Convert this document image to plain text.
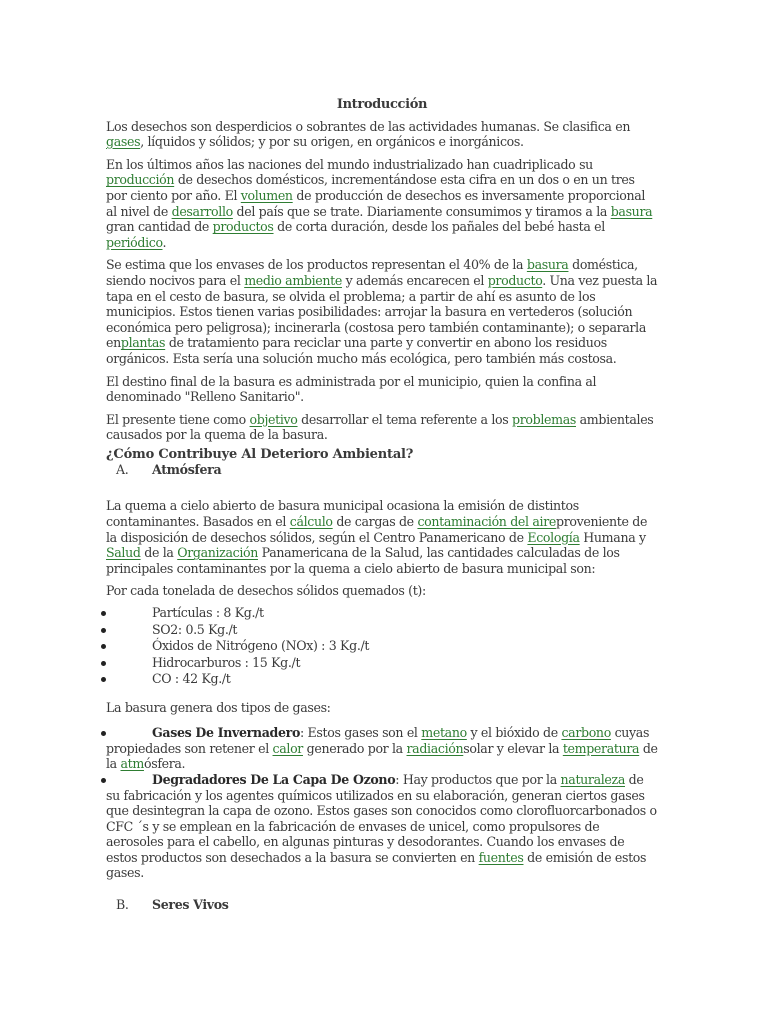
Introducción

Los desechos son desperdicios o sobrantes de las actividades humanas. Se clasifica en gases, líquidos y sólidos; y por su origen, en orgánicos e inorgánicos.

En los últimos años las naciones del mundo industrializado han cuadriplicado su producción de desechos domésticos, incrementándose esta cifra en un dos o en un tres por ciento por año. El volumen de producción de desechos es inversamente proporcional al nivel de desarrollo del país que se trate. Diariamente consumimos y tiramos a la basura gran cantidad de productos de corta duración, desde los pañales del bebé hasta el periódico.

Se estima que los envases de los productos representan el 40% de la basura doméstica, siendo nocivos para el medio ambiente y además encarecen el producto. Una vez puesta la tapa en el cesto de basura, se olvida el problema; a partir de ahí es asunto de los municipios. Estos tienen varias posibilidades: arrojar la basura en vertederos (solución económica pero peligrosa); incinerarla (costosa pero también contaminante); o separarla enplantas de tratamiento para reciclar una parte y convertir en abono los residuos orgánicos. Esta sería una solución mucho más ecológica, pero también más costosa.

El destino final de la basura es administrada por el municipio, quien la confina al denominado "Relleno Sanitario".

El presente tiene como objetivo desarrollar el tema referente a los problemas ambientales causados por la quema de la basura.

¿Cómo Contribuye Al Deterioro Ambiental?
A. Atmósfera

La quema a cielo abierto de basura municipal ocasiona la emisión de distintos contaminantes. Basados en el cálculo de cargas de contaminación del aireproveniente de la disposición de desechos sólidos, según el Centro Panamericano de Ecología Humana y Salud de la Organización Panamericana de la Salud, las cantidades calculadas de los principales contaminantes por la quema a cielo abierto de basura municipal son:

Por cada tonelada de desechos sólidos quemados (t):

Partículas : 8 Kg./t
SO2: 0.5 Kg./t
Óxidos de Nitrógeno (NOx) : 3 Kg./t
Hidrocarburos : 15 Kg./t
CO : 42 Kg./t

La basura genera dos tipos de gases:

Gases De Invernadero: Estos gases son el metano y el bióxido de carbono cuyas propiedades son retener el calor generado por la radiaciónsolar y elevar la temperatura de la atmósfera.
Degradadores De La Capa De Ozono: Hay productos que por la naturaleza de su fabricación y los agentes químicos utilizados en su elaboración, generan ciertos gases que desintegran la capa de ozono. Estos gases son conocidos como clorofluorcarbonados o CFC ´s y se emplean en la fabricación de envases de unicel, como propulsores de aerosoles para el cabello, en algunas pinturas y desodorantes. Cuando los envases de estos productos son desechados a la basura se convierten en fuentes de emisión de estos gases.
B. Seres Vivos
